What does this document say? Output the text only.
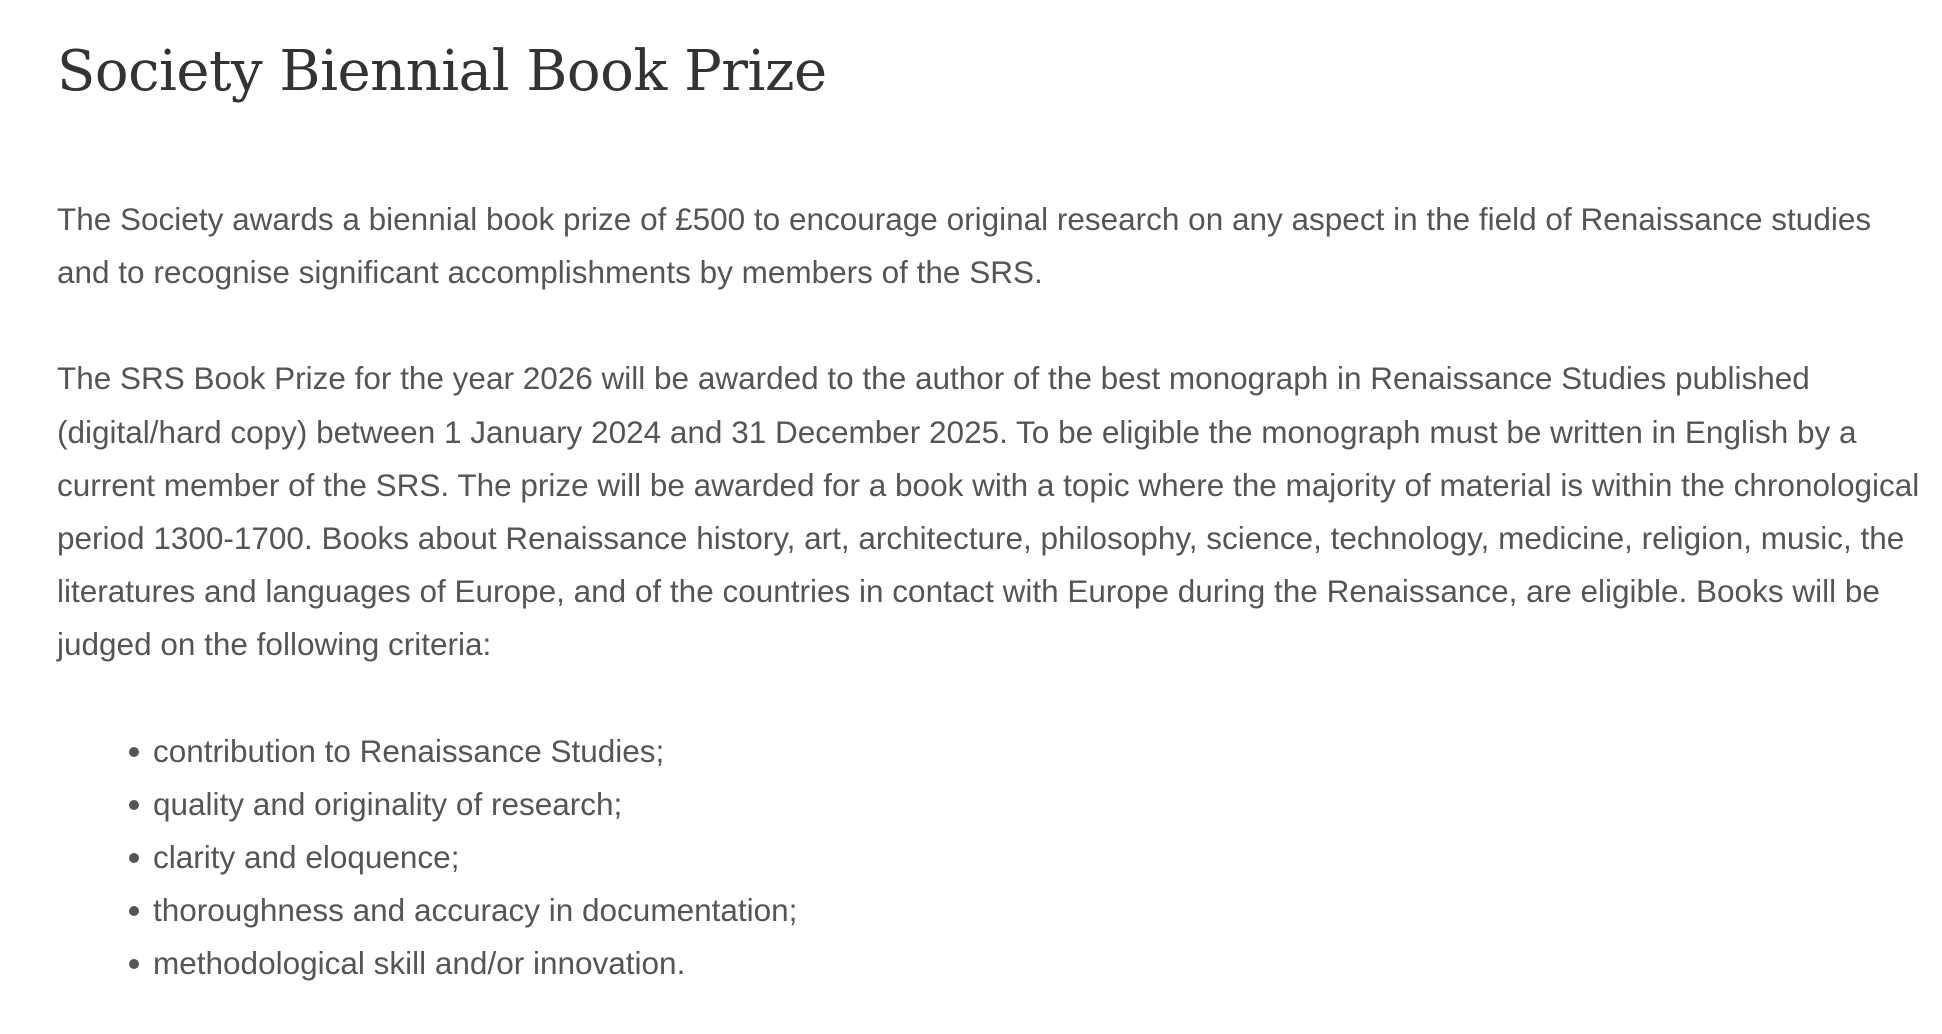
Society Biennial Book Prize

The Society awards a biennial book prize of £500 to encourage original research on any aspect in the field of Renaissance studies and to recognise significant accomplishments by members of the SRS.

The SRS Book Prize for the year 2026 will be awarded to the author of the best monograph in Renaissance Studies published (digital/hard copy) between 1 January 2024 and 31 December 2025. To be eligible the monograph must be written in English by a current member of the SRS. The prize will be awarded for a book with a topic where the majority of material is within the chronological period 1300-1700. Books about Renaissance history, art, architecture, philosophy, science, technology, medicine, religion, music, the literatures and languages of Europe, and of the countries in contact with Europe during the Renaissance, are eligible. Books will be judged on the following criteria:

contribution to Renaissance Studies;
quality and originality of research;
clarity and eloquence;
thoroughness and accuracy in documentation;
methodological skill and/or innovation.
